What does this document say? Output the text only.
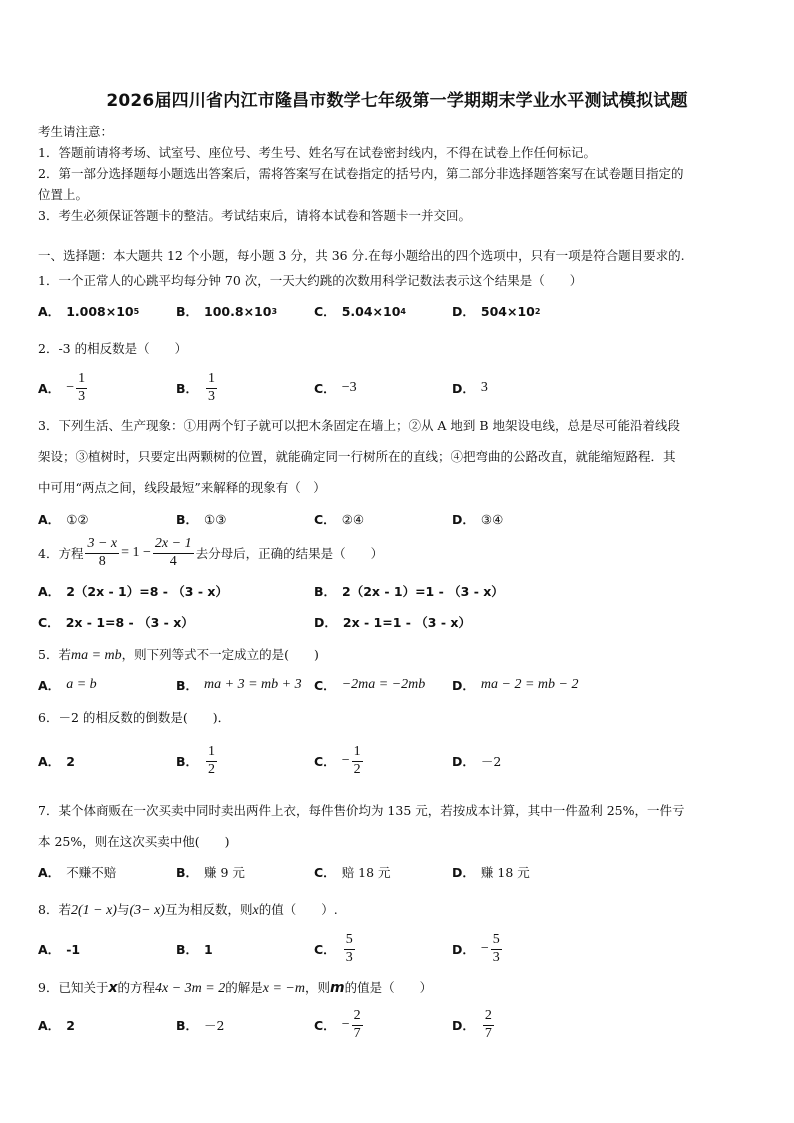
2026届四川省内江市隆昌市数学七年级第一学期期末学业水平测试模拟试题
考生请注意：
1．答题前请将考场、试室号、座位号、考生号、姓名写在试卷密封线内，不得在试卷上作任何标记。
2．第一部分选择题每小题选出答案后，需将答案写在试卷指定的括号内，第二部分非选择题答案写在试卷题目指定的
位置上。
3．考生必须保证答题卡的整洁。考试结束后，请将本试卷和答题卡一并交回。
一、选择题：本大题共 12 个小题，每小题 3 分，共 36 分.在每小题给出的四个选项中，只有一项是符合题目要求的.
1．一个正常人的心跳平均每分钟 70 次，一天大约跳的次数用科学记数法表示这个结果是（　　）
A． 1.008×10 5	B． 100.8×10 3	C． 5.04×10 4	D． 504×10 2
2．-3 的相反数是（　　）
A． − $\frac{1}{3}$	B． $\frac{1}{3}$	C． −3	D． 3
3．下列生活、生产现象：①用两个钉子就可以把木条固定在墙上；②从 A 地到 B 地架设电线，总是尽可能沿着线段
架设；③植树时，只要定出两颗树的位置，就能确定同一行树所在的直线；④把弯曲的公路改直，就能缩短路程．其
中可用“两点之间，线段最短”来解释的现象有（　）
A． ①②	B． ①③	C． ②④	D． ③④
4．方程 $\frac{3 - x}{8} = 1 - \frac{2x - 1}{4}$ 去分母后，正确的结果是（　　）
A． 2（2x - 1）=8 - （3 - x）	B． 2（2x - 1）=1 - （3 - x）
C． 2x - 1=8 - （3 - x）	D． 2x - 1=1 - （3 - x）
5．若ma = mb，则下列等式不一定成立的是(　　)
A． a = b	B． ma + 3 = mb + 3 C． −2ma = −2mb D． ma − 2 = mb − 2
6．－2 的相反数的倒数是(　　)．
A． 2	B． $\frac{1}{2}$	C． − $\frac{1}{2}$	D． －2
7．某个体商贩在一次买卖中同时卖出两件上衣，每件售价均为 135 元，若按成本计算，其中一件盈利 25%，一件亏
本 25%，则在这次买卖中他(　　)
A． 不赚不赔	B． 赚 9 元	C． 赔 18 元	D． 赚 18 元
8．若2(1 − x)与(3− x)互为相反数，则x的值（　　）.
A． -1	B． 1	C． $\frac{5}{3}$	D． − $\frac{5}{3}$
9．已知关于x的方程4x − 3m = 2的解是x = −m，则m的值是（　　）
A． 2	B． －2	C． − $\frac{2}{7}$	D． $\frac{2}{7}$
